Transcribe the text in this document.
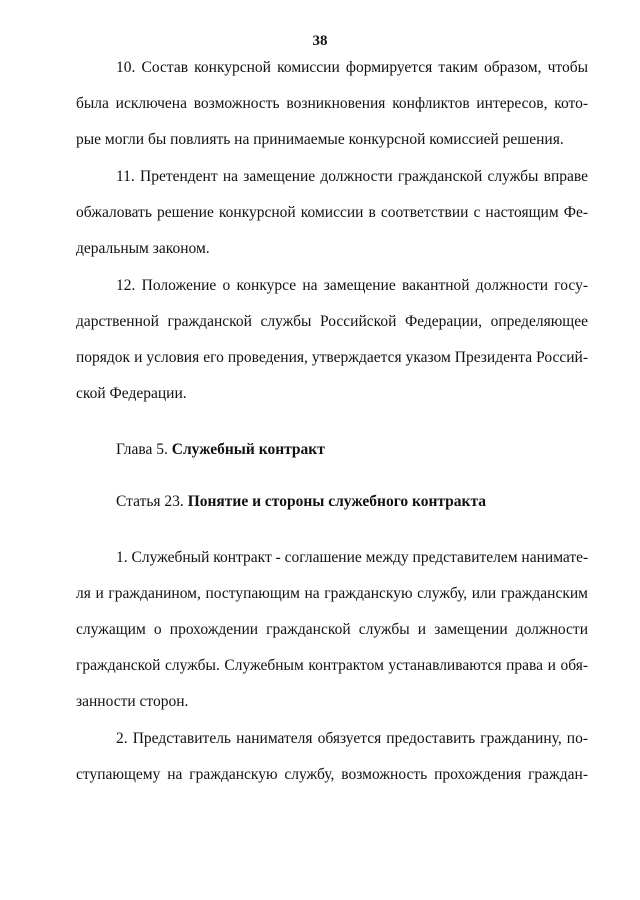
38
10. Состав конкурсной комиссии формируется таким образом, чтобы
была исключена возможность возникновения конфликтов интересов, кото-
рые могли бы повлиять на принимаемые конкурсной комиссией решения.
11. Претендент на замещение должности гражданской службы вправе
обжаловать решение конкурсной комиссии в соответствии с настоящим Фе-
деральным законом.
12. Положение о конкурсе на замещение вакантной должности госу-
дарственной гражданской службы Российской Федерации, определяющее
порядок и условия его проведения, утверждается указом Президента Россий-
ской Федерации.
Глава 5. Служебный контракт
Статья 23. Понятие и стороны служебного контракта
1. Служебный контракт - соглашение между представителем нанимате-
ля и гражданином, поступающим на гражданскую службу, или гражданским
служащим о прохождении гражданской службы и замещении должности
гражданской службы. Служебным контрактом устанавливаются права и обя-
занности сторон.
2. Представитель нанимателя обязуется предоставить гражданину, по-
ступающему на гражданскую службу, возможность прохождения граждан-
